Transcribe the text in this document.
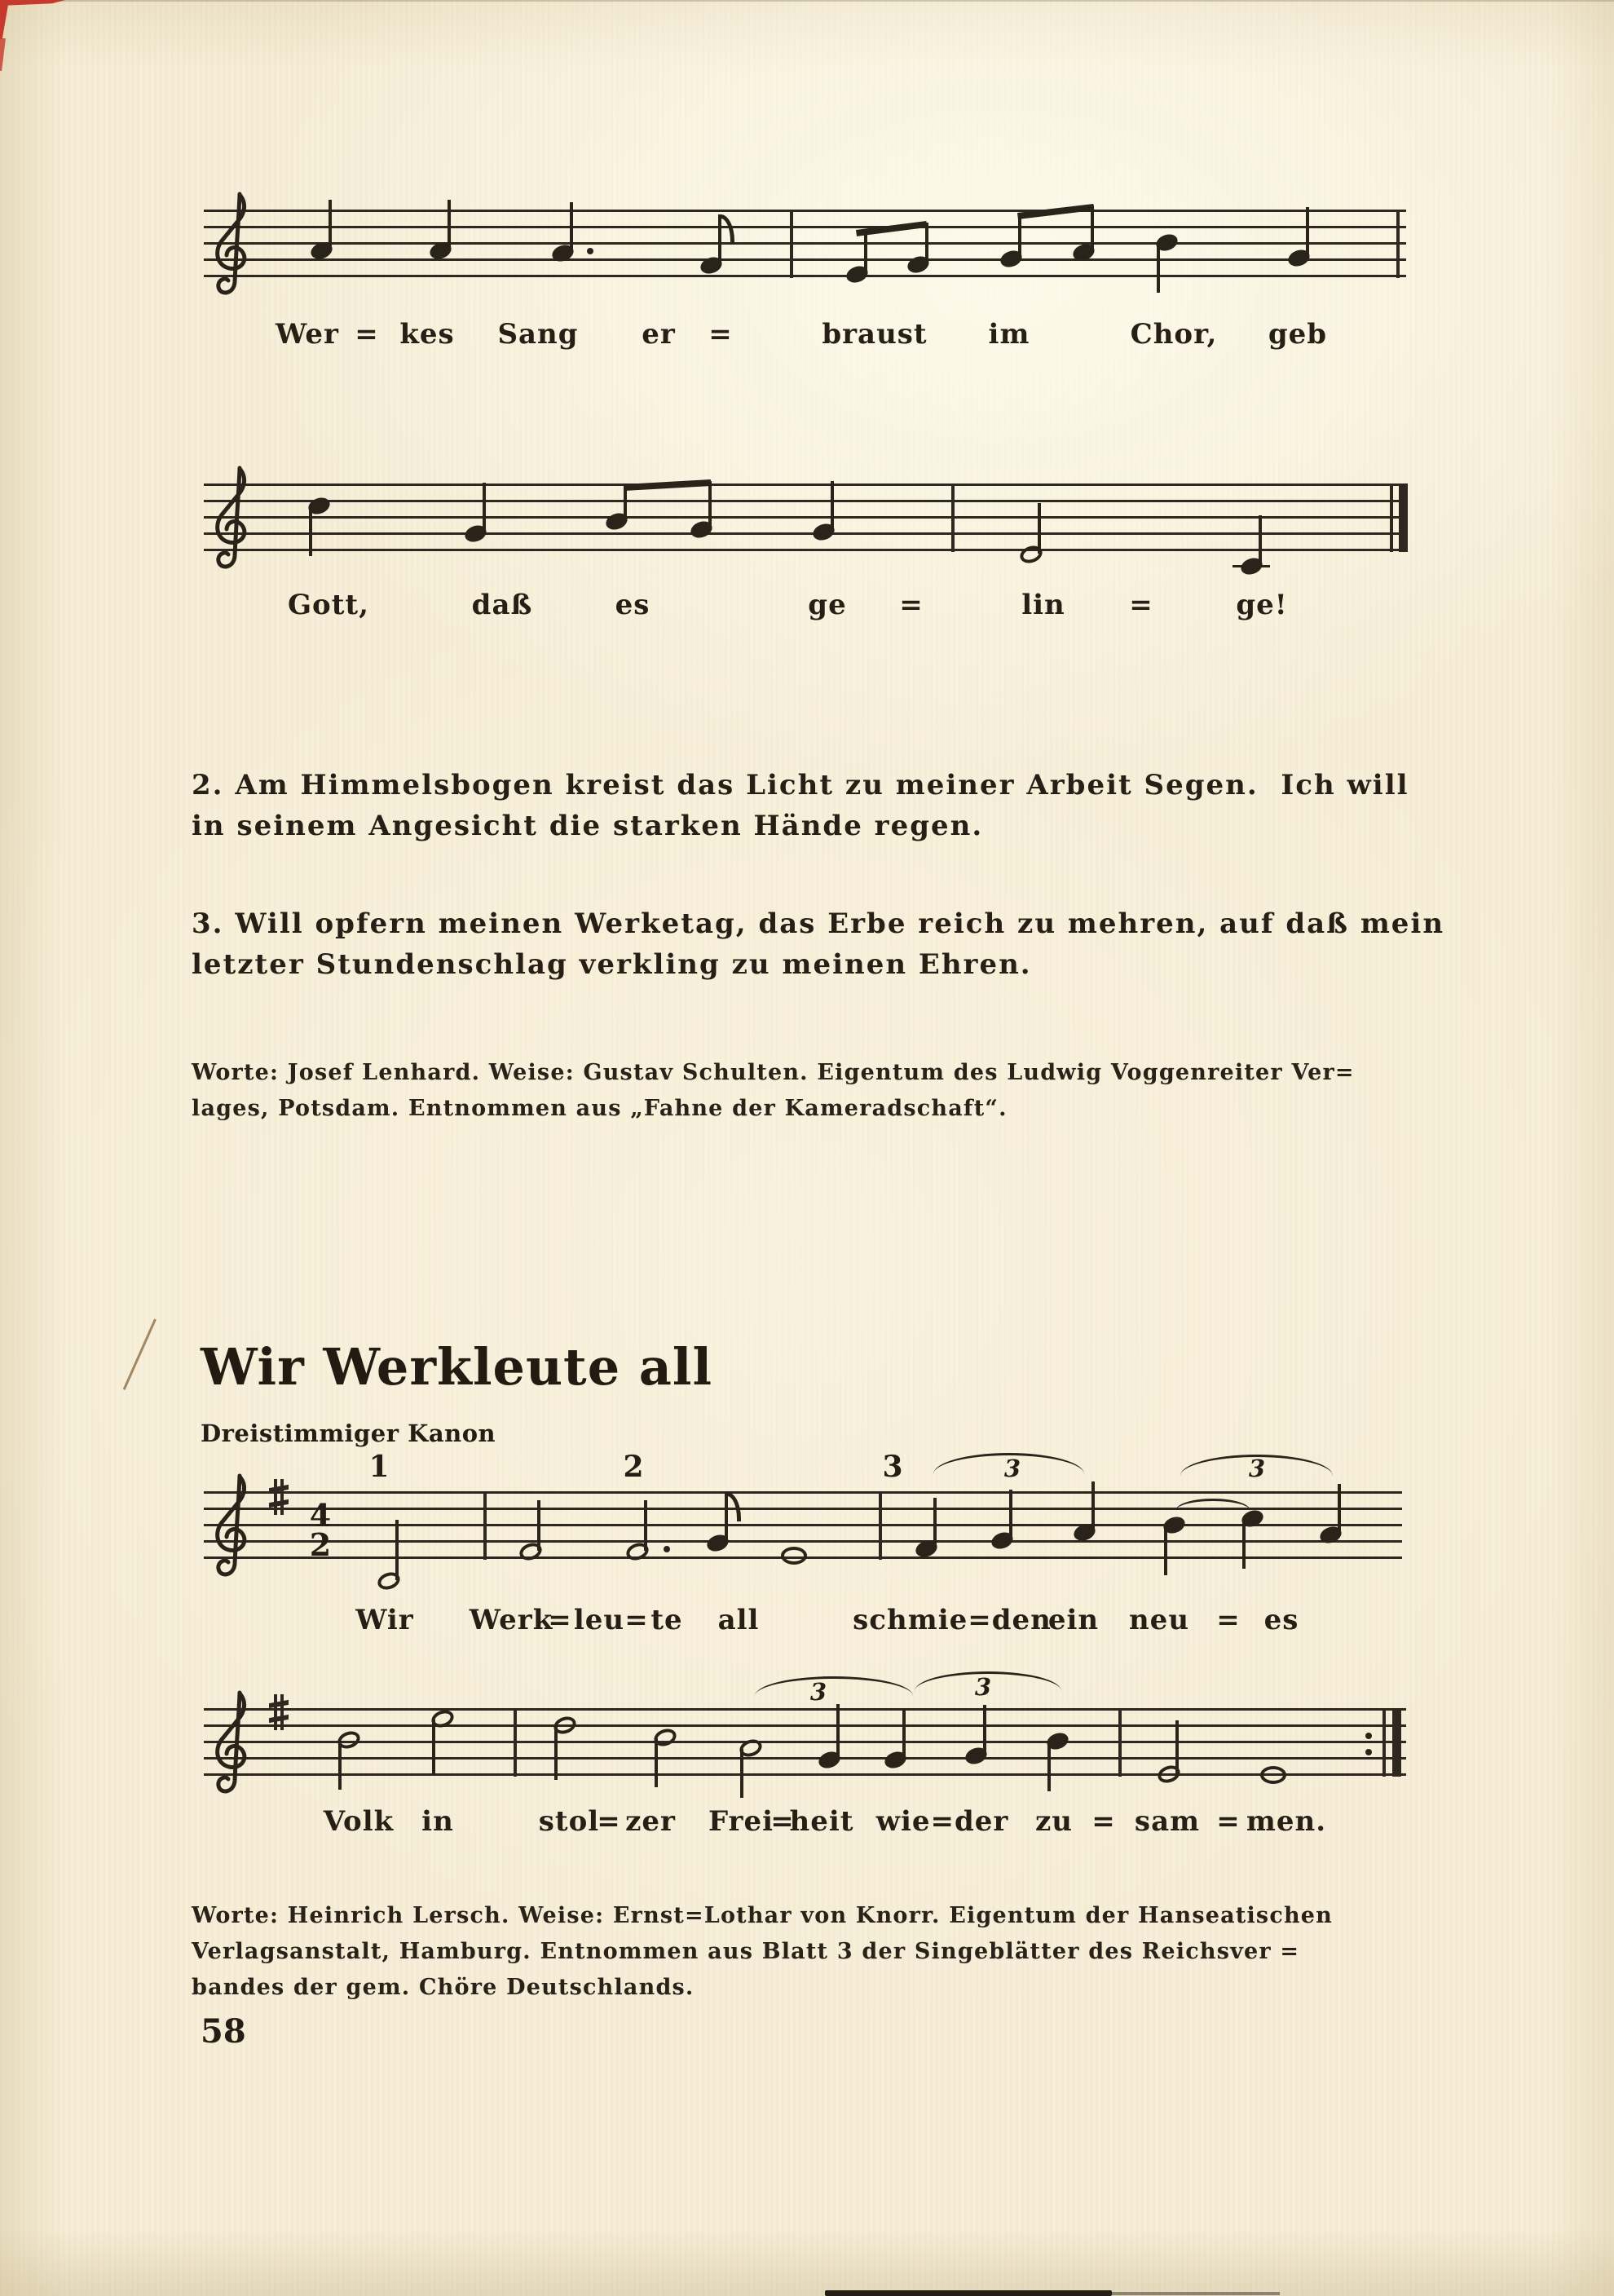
Wer = kes Sang er =	braust im	Chor, geb
Gott,	daß	es	ge =	lin =	ge!
4
2
1	2	3	3	3
Wir Werk
= leu = te all	schmie=den
ein neu = es
3	3
Volk in	stol
= zer Frei
=
heit wie=der zu = sam = men.
2. Am Himmelsbogen kreist das Licht zu meiner Arbeit Segen.  Ich will
in seinem Angesicht die starken Hände regen.
3. Will opfern meinen Werketag, das Erbe reich zu mehren, auf daß mein
letzter Stundenschlag verkling zu meinen Ehren.
Worte: Josef Lenhard. Weise: Gustav Schulten. Eigentum des Ludwig Voggenreiter Ver=
lages, Potsdam. Entnommen aus „Fahne der Kameradschaft“.
Wir Werkleute all
Dreistimmiger Kanon
Worte: Heinrich Lersch. Weise: Ernst=Lothar von Knorr. Eigentum der Hanseatischen
Verlagsanstalt, Hamburg. Entnommen aus Blatt 3 der Singeblätter des Reichsver =
bandes der gem. Chöre Deutschlands.
58
